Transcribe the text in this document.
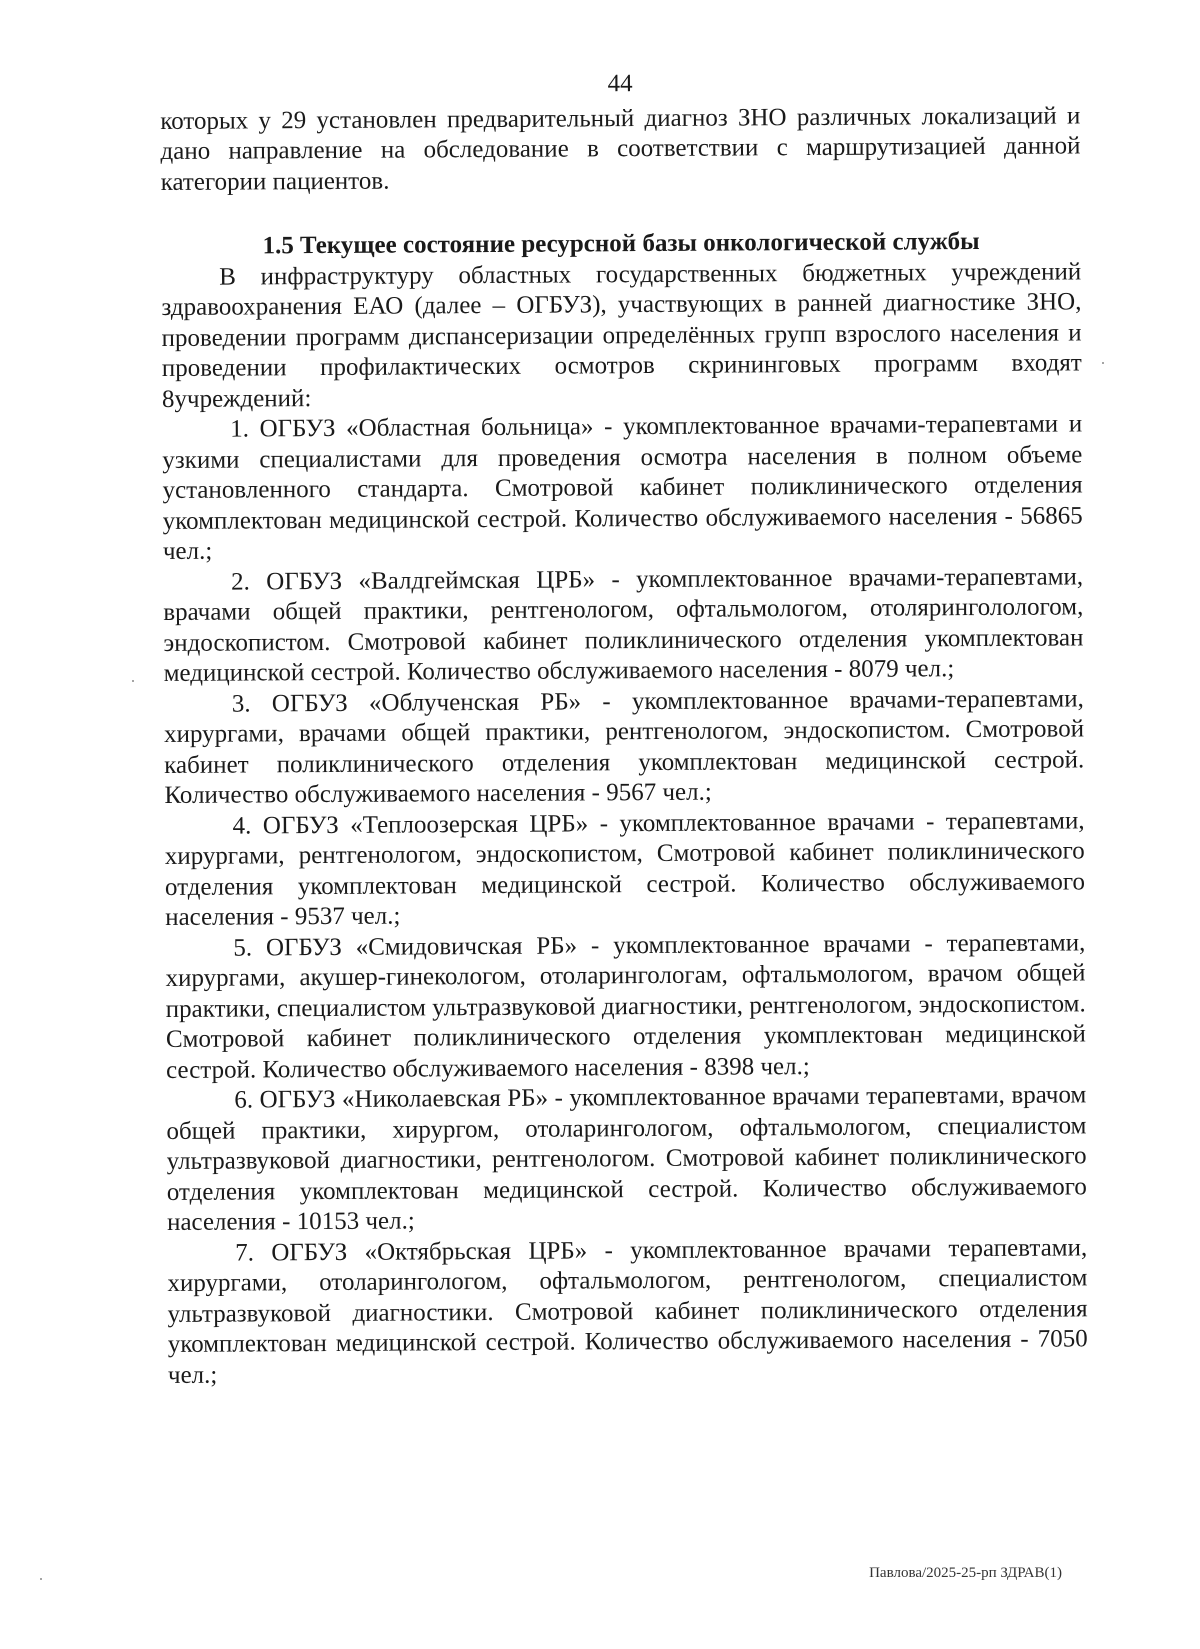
44

которых у 29 установлен предварительный диагноз ЗНО различных локализаций и дано направление на обследование в соответствии с маршрутизацией данной категории пациентов.

1.5 Текущее состояние ресурсной базы онкологической службы

В инфраструктуру областных государственных бюджетных учреждений здравоохранения ЕАО (далее – ОГБУЗ), участвующих в ранней диагностике ЗНО, проведении программ диспансеризации определённых групп взрослого населения и проведении профилактических осмотров скрининговых программ входят 8учреждений:

1. ОГБУЗ «Областная больница» - укомплектованное врачами-терапевтами и узкими специалистами для проведения осмотра населения в полном объеме установленного стандарта. Смотровой кабинет поликлинического отделения укомплектован медицинской сестрой. Количество обслуживаемого населения - 56865 чел.;

2. ОГБУЗ «Валдгеймская ЦРБ» - укомплектованное врачами-терапевтами, врачами общей практики, рентгенологом, офтальмологом, отоляринголологом, эндоскопистом. Смотровой кабинет поликлинического отделения укомплектован медицинской сестрой. Количество обслуживаемого населения - 8079 чел.;

3. ОГБУЗ «Облученская РБ» - укомплектованное врачами-терапевтами, хирургами, врачами общей практики, рентгенологом, эндоскопистом. Смотровой кабинет поликлинического отделения укомплектован медицинской сестрой. Количество обслуживаемого населения - 9567 чел.;

4. ОГБУЗ «Теплоозерская ЦРБ» - укомплектованное врачами - терапевтами, хирургами, рентгенологом, эндоскопистом, Смотровой кабинет поликлинического отделения укомплектован медицинской сестрой. Количество обслуживаемого населения - 9537 чел.;

5. ОГБУЗ «Смидовичская РБ» - укомплектованное врачами - терапевтами, хирургами, акушер-гинекологом, отоларингологам, офтальмологом, врачом общей практики, специалистом ультразвуковой диагностики, рентгенологом, эндоскопистом. Смотровой кабинет поликлинического отделения укомплектован медицинской сестрой. Количество обслуживаемого населения - 8398 чел.;

6. ОГБУЗ «Николаевская РБ» - укомплектованное врачами терапевтами, врачом общей практики, хирургом, отоларингологом, офтальмологом, специалистом ультразвуковой диагностики, рентгенологом. Смотровой кабинет поликлинического отделения укомплектован медицинской сестрой. Количество обслуживаемого населения - 10153 чел.;

7. ОГБУЗ «Октябрьская ЦРБ» - укомплектованное врачами терапевтами, хирургами, отоларингологом, офтальмологом, рентгенологом, специалистом ультразвуковой диагностики. Смотровой кабинет поликлинического отделения укомплектован медицинской сестрой. Количество обслуживаемого населения - 7050 чел.;

Павлова/2025-25-рп ЗДРАВ(1)
